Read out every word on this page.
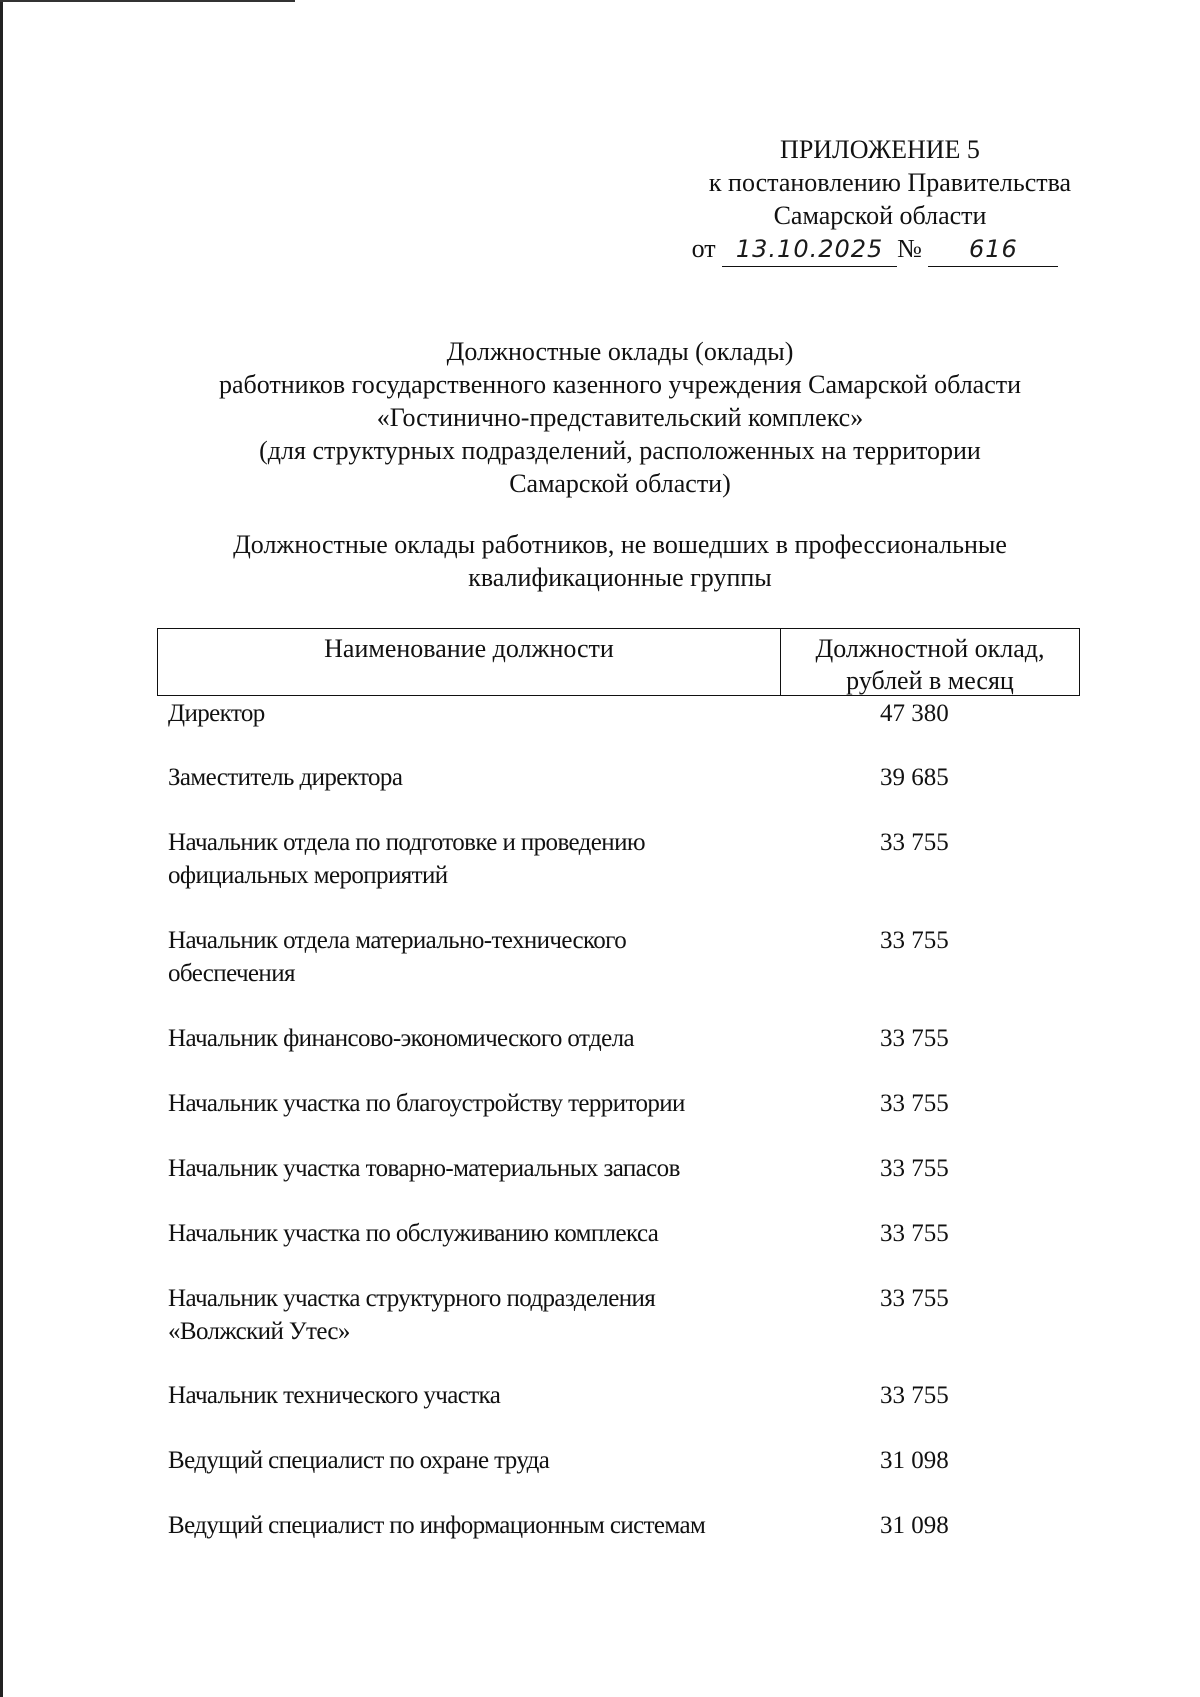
ПРИЛОЖЕНИЕ 5
к постановлению Правительства
Самарской области
от 13.10.2025 № 616
Должностные оклады (оклады)
работников государственного казенного учреждения Самарской области
«Гостинично-представительский комплекс»
(для структурных подразделений, расположенных на территории
Самарской области)
Должностные оклады работников, не вошедших в профессиональные
квалификационные группы
Наименование должности	Должностной оклад,
рублей в месяц
Директор	47 380
Заместитель директора	39 685
Начальник отдела по подготовке и проведению
официальных мероприятий
33 755
Начальник отдела материально-технического
обеспечения
33 755
Начальник финансово-экономического отдела	33 755
Начальник участка по благоустройству территории	33 755
Начальник участка товарно-материальных запасов	33 755
Начальник участка по обслуживанию комплекса	33 755
Начальник участка структурного подразделения
«Волжский Утес»
33 755
Начальник технического участка	33 755
Ведущий специалист по охране труда	31 098
Ведущий специалист по информационным системам	31 098
